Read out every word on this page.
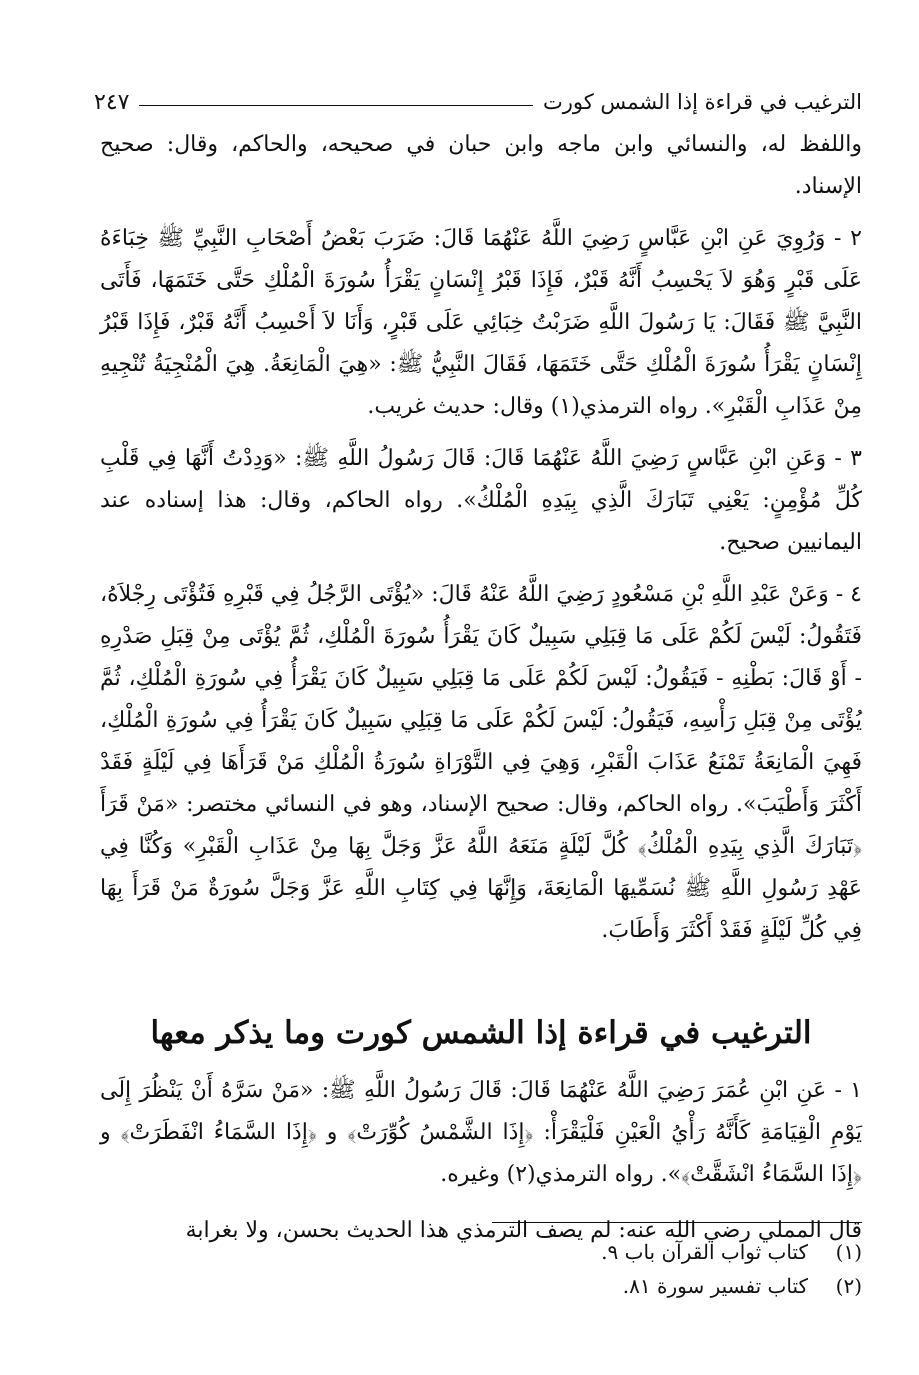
الترغيب في قراءة إذا الشمس كورت
٢٤٧

واللفظ له، والنسائي وابن ماجه وابن حبان في صحيحه، والحاكم، وقال: صحيح الإسناد.

٢ - وَرُوِيَ عَنِ ابْنِ عَبَّاسٍ رَضِيَ اللَّهُ عَنْهُمَا قَالَ: ضَرَبَ بَعْضُ أَصْحَابِ النَّبِيِّ ﷺ خِبَاءَهُ عَلَى قَبْرٍ وَهُوَ لاَ يَحْسِبُ أَنَّهُ قَبْرٌ، فَإِذَا قَبْرُ إِنْسَانٍ يَقْرَأُ سُورَةَ الْمُلْكِ حَتَّى خَتَمَهَا، فَأَتَى النَّبِيَّ ﷺ فَقَالَ: يَا رَسُولَ اللَّهِ ضَرَبْتُ خِبَائِي عَلَى قَبْرٍ، وَأَنَا لاَ أَحْسِبُ أَنَّهُ قَبْرٌ، فَإِذَا قَبْرُ إِنْسَانٍ يَقْرَأُ سُورَةَ الْمُلْكِ حَتَّى خَتَمَهَا، فَقَالَ النَّبِيُّ ﷺ: «هِيَ الْمَانِعَةُ. هِيَ الْمُنْجِيَةُ تُنْجِيهِ مِنْ عَذَابِ الْقَبْرِ». رواه الترمذي(١) وقال: حديث غريب.

٣ - وَعَنِ ابْنِ عَبَّاسٍ رَضِيَ اللَّهُ عَنْهُمَا قَالَ: قَالَ رَسُولُ اللَّهِ ﷺ: «وَدِدْتُ أَنَّهَا فِي قَلْبِ كُلِّ مُؤْمِنٍ: يَعْنِي تَبَارَكَ الَّذِي بِيَدِهِ الْمُلْكُ». رواه الحاكم، وقال: هذا إسناده عند اليمانيين صحيح.

٤ - وَعَنْ عَبْدِ اللَّهِ بْنِ مَسْعُودٍ رَضِيَ اللَّهُ عَنْهُ قَالَ: «يُؤْتَى الرَّجُلُ فِي قَبْرِهِ فَتُؤْتَى رِجْلاَهُ، فَتَقُولُ: لَيْسَ لَكُمْ عَلَى مَا قِبَلِي سَبِيلٌ كَانَ يَقْرَأُ سُورَةَ الْمُلْكِ، ثُمَّ يُؤْتَى مِنْ قِبَلِ صَدْرِهِ - أَوْ قَالَ: بَطْنِهِ - فَيَقُولُ: لَيْسَ لَكُمْ عَلَى مَا قِبَلِي سَبِيلٌ كَانَ يَقْرَأُ فِي سُورَةِ الْمُلْكِ، ثُمَّ يُؤْتَى مِنْ قِبَلِ رَأْسِهِ، فَيَقُولُ: لَيْسَ لَكُمْ عَلَى مَا قِبَلِي سَبِيلٌ كَانَ يَقْرَأُ فِي سُورَةِ الْمُلْكِ، فَهِيَ الْمَانِعَةُ تَمْنَعُ عَذَابَ الْقَبْرِ، وَهِيَ فِي التَّوْرَاةِ سُورَةُ الْمُلْكِ مَنْ قَرَأَهَا فِي لَيْلَةٍ فَقَدْ أَكْثَرَ وَأَطْيَبَ». رواه الحاكم، وقال: صحيح الإسناد، وهو في النسائي مختصر: «مَنْ قَرَأَ ﴿تَبَارَكَ الَّذِي بِيَدِهِ الْمُلْكُ﴾ كُلَّ لَيْلَةٍ مَنَعَهُ اللَّهُ عَزَّ وَجَلَّ بِهَا مِنْ عَذَابِ الْقَبْرِ» وَكُنَّا فِي عَهْدِ رَسُولِ اللَّهِ ﷺ نُسَمِّيهَا الْمَانِعَةَ، وَإِنَّهَا فِي كِتَابِ اللَّهِ عَزَّ وَجَلَّ سُورَةٌ مَنْ قَرَأَ بِهَا فِي كُلِّ لَيْلَةٍ فَقَدْ أَكْثَرَ وَأَطَابَ.

الترغيب في قراءة إذا الشمس كورت وما يذكر معها

١ - عَنِ ابْنِ عُمَرَ رَضِيَ اللَّهُ عَنْهُمَا قَالَ: قَالَ رَسُولُ اللَّهِ ﷺ: «مَنْ سَرَّهُ أَنْ يَنْظُرَ إِلَى يَوْمِ الْقِيَامَةِ كَأَنَّهُ رَأْيُ الْعَيْنِ فَلْيَقْرَأْ: ﴿إِذَا الشَّمْسُ كُوِّرَتْ﴾ و ﴿إِذَا السَّمَاءُ انْفَطَرَتْ﴾ و ﴿إِذَا السَّمَاءُ انْشَقَّتْ﴾». رواه الترمذي(٢) وغيره.

قال المملي رضي الله عنه: لم يصف الترمذي هذا الحديث بحسن، ولا بغرابة

(١)
كتاب ثواب القرآن باب ٩.
(٢)
كتاب تفسير سورة ٨١.
